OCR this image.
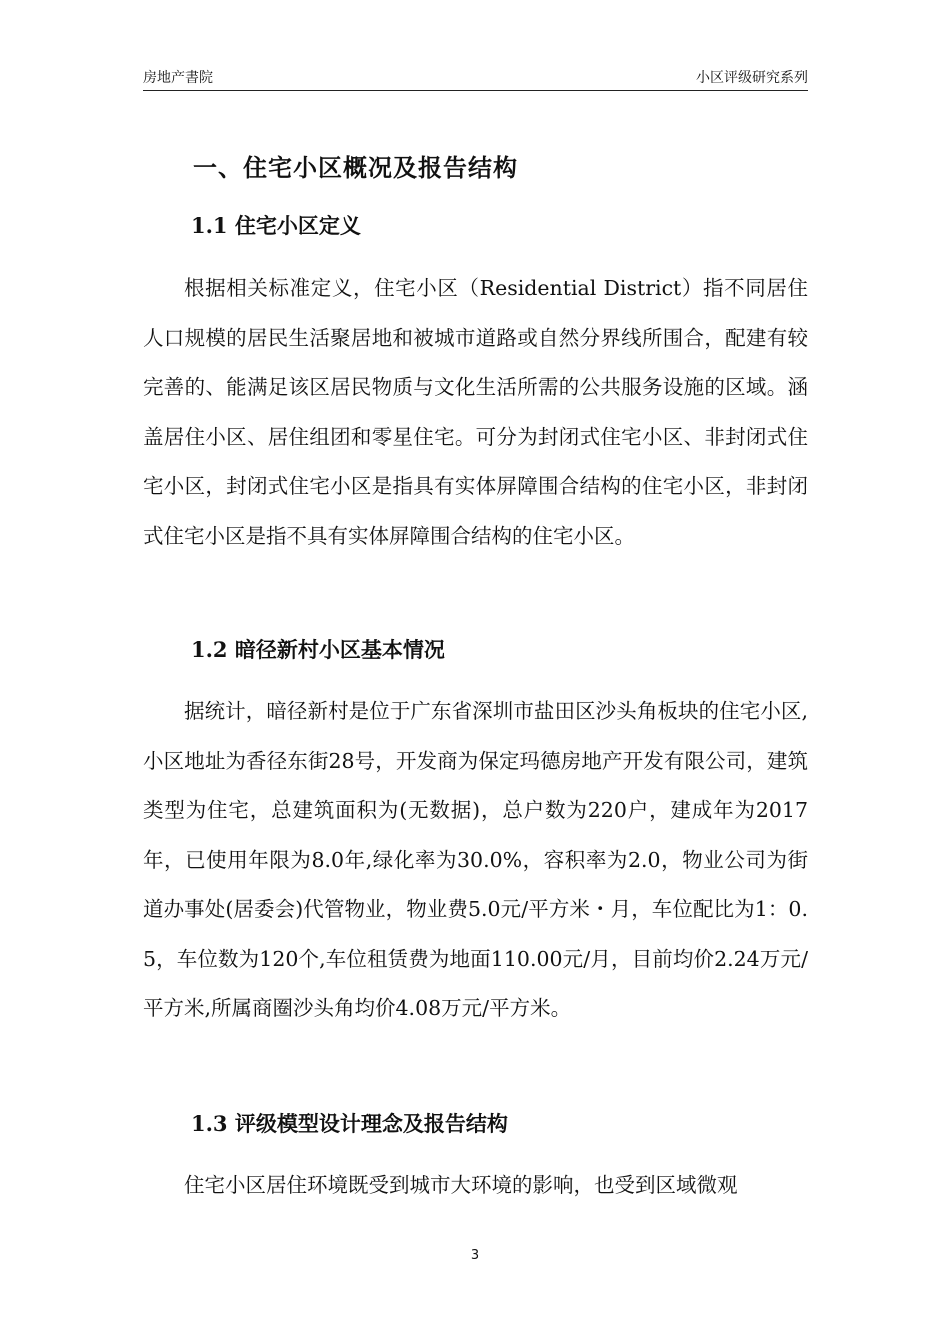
房地产書院	小区评级研究系列
一、住宅小区概况及报告结构
1.1 住宅小区定义

根据相关标准定义，住宅小区（Residential District）指不同居住人口规模的居民生活聚居地和被城市道路或自然分界线所围合，配建有较完善的、能满足该区居民物质与文化生活所需的公共服务设施的区域。涵盖居住小区、居住组团和零星住宅。可分为封闭式住宅小区、非封闭式住宅小区，封闭式住宅小区是指具有实体屏障围合结构的住宅小区，非封闭式住宅小区是指不具有实体屏障围合结构的住宅小区。

1.2 暗径新村小区基本情况

据统计，暗径新村是位于广东省深圳市盐田区沙头角板块的住宅小区,小区地址为香径东街28号，开发商为保定玛德房地产开发有限公司，建筑类型为住宅，总建筑面积为(无数据)，总户数为220户，建成年为2017年，已使用年限为8.0年,绿化率为30.0%，容积率为2.0，物业公司为街道办事处(居委会)代管物业，物业费5.0元/平方米・月，车位配比为1：0.5，车位数为120个,车位租赁费为地面110.00元/月，目前均价2.24万元/平方米,所属商圈沙头角均价4.08万元/平方米。

1.3 评级模型设计理念及报告结构

住宅小区居住环境既受到城市大环境的影响，也受到区域微观

3
